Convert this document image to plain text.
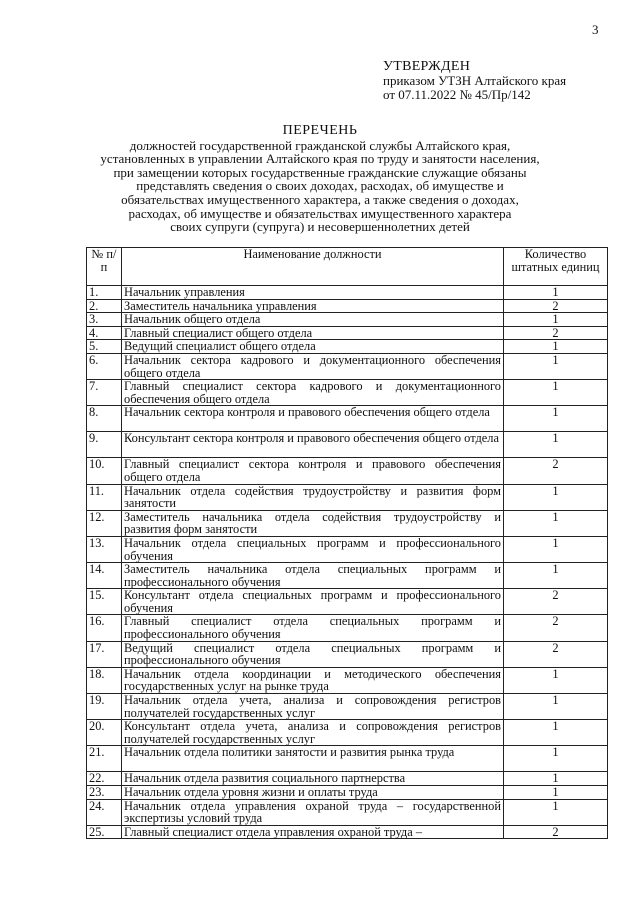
3
УТВЕРЖДЕН
приказом УТЗН Алтайского края
от 07.11.2022 № 45/Пр/142
ПЕРЕЧЕНЬ
должностей государственной гражданской службы Алтайского края,
установленных в управлении Алтайского края по труду и занятости населения,
при замещении которых государственные гражданские служащие обязаны
представлять сведения о своих доходах, расходах, об имуществе и
обязательствах имущественного характера, а также сведения о доходах,
расходах, об имуществе и обязательствах имущественного характера
своих супруги (супруга) и несовершеннолетних детей
№ п/п	Наименование должности	Количество штатных единиц
1.	Начальник управления	1
2.	Заместитель начальника управления	2
3.	Начальник общего отдела	1
4.	Главный специалист общего отдела	2
5.	Ведущий специалист общего отдела	1
6.	Начальник сектора кадрового и документационного обеспечения общего отдела	1
7.	Главный специалист сектора кадрового и документационного обеспечения общего отдела	1
8.	Начальник сектора контроля и правового обеспечения общего отдела	1
9.	Консультант сектора контроля и правового обеспечения общего отдела	1
10.	Главный специалист сектора контроля и правового обеспечения общего отдела	2
11.	Начальник отдела содействия трудоустройству и развития форм занятости	1
12.	Заместитель начальника отдела содействия трудоустройству и развития форм занятости	1
13.	Начальник отдела специальных программ и профессионального обучения	1
14.	Заместитель начальника отдела специальных программ и профессионального обучения	1
15.	Консультант отдела специальных программ и профессионального обучения	2
16.	Главный специалист отдела специальных программ и профессионального обучения	2
17.	Ведущий специалист отдела специальных программ и профессионального обучения	2
18.	Начальник отдела координации и методического обеспечения государственных услуг на рынке труда	1
19.	Начальник отдела учета, анализа и сопровождения регистров получателей государственных услуг	1
20.	Консультант отдела учета, анализа и сопровождения регистров получателей государственных услуг	1
21.	Начальник отдела политики занятости и развития рынка труда	1
22.	Начальник отдела развития социального партнерства	1
23.	Начальник отдела уровня жизни и оплаты труда	1
24.	Начальник отдела управления охраной труда – государственной экспертизы условий труда	1
25.	Главный специалист отдела управления охраной труда –	2
